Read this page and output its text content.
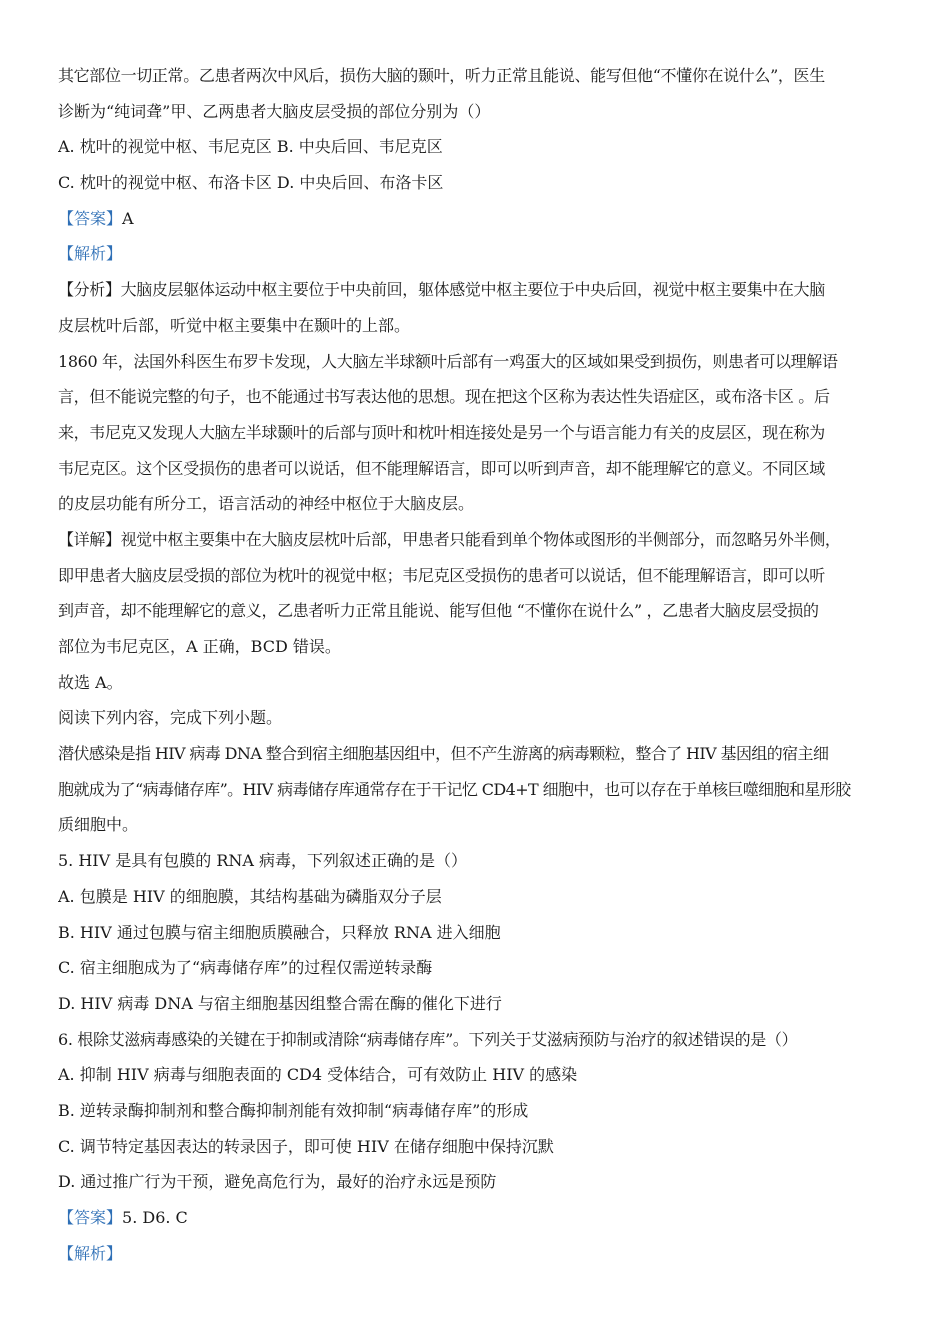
其它部位一切正常。乙患者两次中风后，损伤大脑的颞叶，听力正常且能说、能写但他“不懂你在说什么”，医生
诊断为“纯词聋”甲、乙两患者大脑皮层受损的部位分别为（）
A. 枕叶的视觉中枢、韦尼克区 B. 中央后回、韦尼克区
C. 枕叶的视觉中枢、布洛卡区 D. 中央后回、布洛卡区
【答案】A
【解析】
【分析】大脑皮层躯体运动中枢主要位于中央前回，躯体感觉中枢主要位于中央后回，视觉中枢主要集中在大脑
皮层枕叶后部，听觉中枢主要集中在颞叶的上部。
1860 年，法国外科医生布罗卡发现，人大脑左半球额叶后部有一鸡蛋大的区域如果受到损伤，则患者可以理解语
言，但不能说完整的句子，也不能通过书写表达他的思想。现在把这个区称为表达性失语症区，或布洛卡区 。后
来，韦尼克又发现人大脑左半球颞叶的后部与顶叶和枕叶相连接处是另一个与语言能力有关的皮层区，现在称为
韦尼克区。这个区受损伤的患者可以说话，但不能理解语言，即可以听到声音，却不能理解它的意义。不同区域
的皮层功能有所分工，语言活动的神经中枢位于大脑皮层。
【详解】视觉中枢主要集中在大脑皮层枕叶后部，甲患者只能看到单个物体或图形的半侧部分，而忽略另外半侧，
即甲患者大脑皮层受损的部位为枕叶的视觉中枢；韦尼克区受损伤的患者可以说话，但不能理解语言，即可以听
到声音，却不能理解它的意义，乙患者听力正常且能说、能写但他 “不懂你在说什么” ，乙患者大脑皮层受损的
部位为韦尼克区，A 正确，BCD 错误。
故选 A。
阅读下列内容，完成下列小题。
潜伏感染是指 HIV 病毒 DNA 整合到宿主细胞基因组中，但不产生游离的病毒颗粒，整合了 HIV 基因组的宿主细
胞就成为了“病毒储存库”。HIV 病毒储存库通常存在于干记忆 CD4+T 细胞中，也可以存在于单核巨噬细胞和星形胶
质细胞中。
5. HIV 是具有包膜的 RNA 病毒，下列叙述正确的是（）
A. 包膜是 HIV 的细胞膜，其结构基础为磷脂双分子层
B. HIV 通过包膜与宿主细胞质膜融合，只释放 RNA 进入细胞
C. 宿主细胞成为了“病毒储存库”的过程仅需逆转录酶
D. HIV 病毒 DNA 与宿主细胞基因组整合需在酶的催化下进行
6. 根除艾滋病毒感染的关键在于抑制或清除“病毒储存库”。下列关于艾滋病预防与治疗的叙述错误的是（）
A. 抑制 HIV 病毒与细胞表面的 CD4 受体结合，可有效防止 HIV 的感染
B. 逆转录酶抑制剂和整合酶抑制剂能有效抑制“病毒储存库”的形成
C. 调节特定基因表达的转录因子，即可使 HIV 在储存细胞中保持沉默
D. 通过推广行为干预，避免高危行为，最好的治疗永远是预防
【答案】5. D6. C
【解析】
